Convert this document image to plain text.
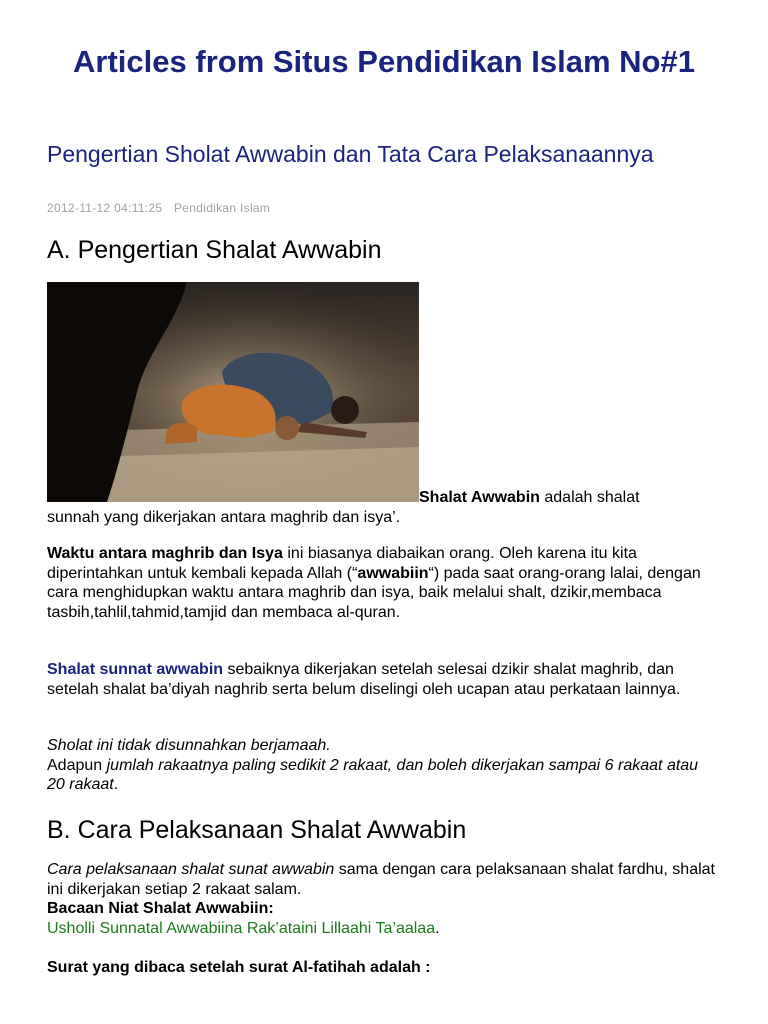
Articles from Situs Pendidikan Islam No#1
Pengertian Sholat Awwabin dan Tata Cara Pelaksanaannya
2012-11-12 04:11:25 Pendidikan Islam
A. Pengertian Shalat Awwabin
Shalat Awwabin adalah shalat

sunnah yang dikerjakan antara maghrib dan isya’.

Waktu antara maghrib dan Isya ini biasanya diabaikan orang. Oleh karena itu kita diperintahkan untuk kembali kepada Allah (“awwabiin“) pada saat orang-orang lalai, dengan cara menghidupkan waktu antara maghrib dan isya, baik melalui shalt, dzikir,membaca tasbih,tahlil,tahmid,tamjid dan membaca al-quran.

Shalat sunnat awwabin sebaiknya dikerjakan setelah selesai dzikir shalat maghrib, dan setelah shalat ba’diyah naghrib serta belum diselingi oleh ucapan atau perkataan lainnya.

Sholat ini tidak disunnahkan berjamaah.
Adapun jumlah rakaatnya paling sedikit 2 rakaat, dan boleh dikerjakan sampai 6 rakaat atau 20 rakaat.

B. Cara Pelaksanaan Shalat Awwabin

Cara pelaksanaan shalat sunat awwabin sama dengan cara pelaksanaan shalat fardhu, shalat ini dikerjakan setiap 2 rakaat salam.
Bacaan Niat Shalat Awwabiin:
Usholli Sunnatal Awwabiina Rak’ataini Lillaahi Ta’aalaa.

Surat yang dibaca setelah surat Al-fatihah adalah :
